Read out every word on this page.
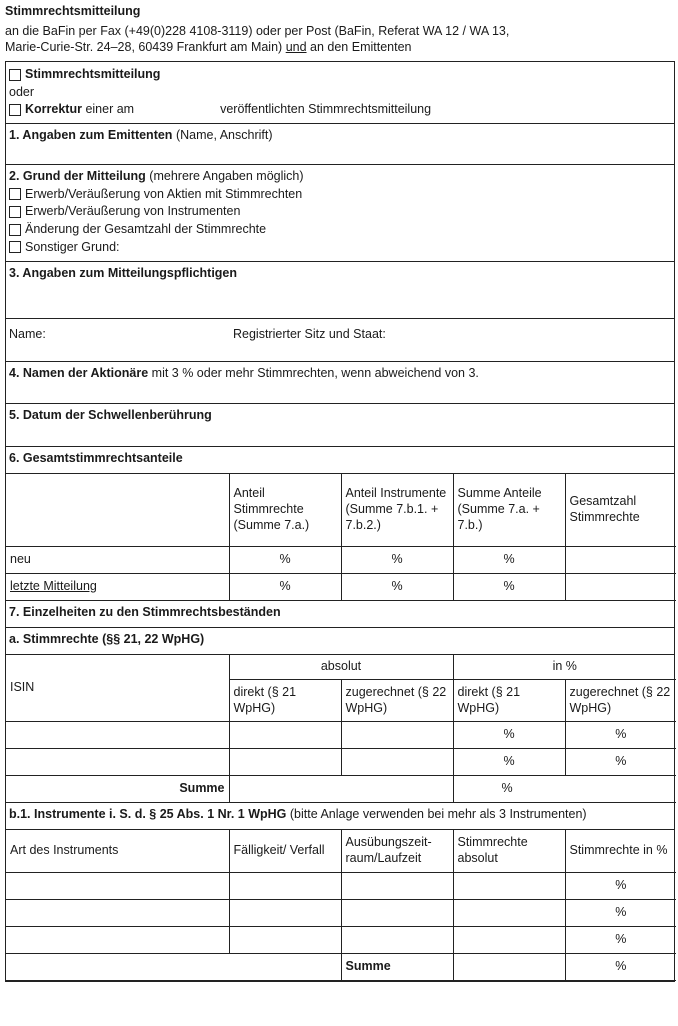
Stimmrechtsmitteilung
an die BaFin per Fax (+49(0)228 4108-3119) oder per Post (BaFin, Referat WA 12 / WA 13,
Marie-Curie-Str. 24–28, 60439 Frankfurt am Main) und an den Emittenten
Stimmrechtsmitteilung
oder
Korrektur
einer am	veröffentlichten Stimmrechtsmitteilung
1. Angaben zum Emittenten (Name, Anschrift)
2. Grund der Mitteilung (mehrere Angaben möglich)
Erwerb/Veräußerung von Aktien mit Stimmrechten
Erwerb/Veräußerung von Instrumenten
Änderung der Gesamtzahl der Stimmrechte
Sonstiger Grund:
3. Angaben zum Mitteilungspflichtigen
Name:	Registrierter Sitz und Staat:
4. Namen der Aktionäre mit 3 % oder mehr Stimmrechten, wenn abweichend von 3.
5. Datum der Schwellenberührung
6. Gesamtstimmrechtsanteile
	Anteil Stimmrechte (Summe 7.a.)	Anteil Instrumente (Summe 7.b.1. + 7.b.2.)	Summe Anteile (Summe 7.a. + 7.b.)	Gesamtzahl Stimmrechte
neu	%	%	%	
letzte Mitteilung	%	%	%	
7. Einzelheiten zu den Stimmrechtsbeständen
a. Stimmrechte (§§ 21, 22 WpHG)
ISIN	absolut		in %	
	direkt (§ 21 WpHG)	zugerechnet (§ 22 WpHG)	direkt (§ 21 WpHG)	zugerechnet (§ 22 WpHG)
			%	%
			%	%
Summe			%	
b.1. Instrumente i. S. d. § 25 Abs. 1 Nr. 1 WpHG (bitte Anlage verwenden bei mehr als 3 Instrumenten)
Art des Instruments	Fälligkeit/ Verfall	Ausübungszeit- raum/Laufzeit	Stimmrechte absolut	Stimmrechte in %
				%
				%
				%
		Summe		%
